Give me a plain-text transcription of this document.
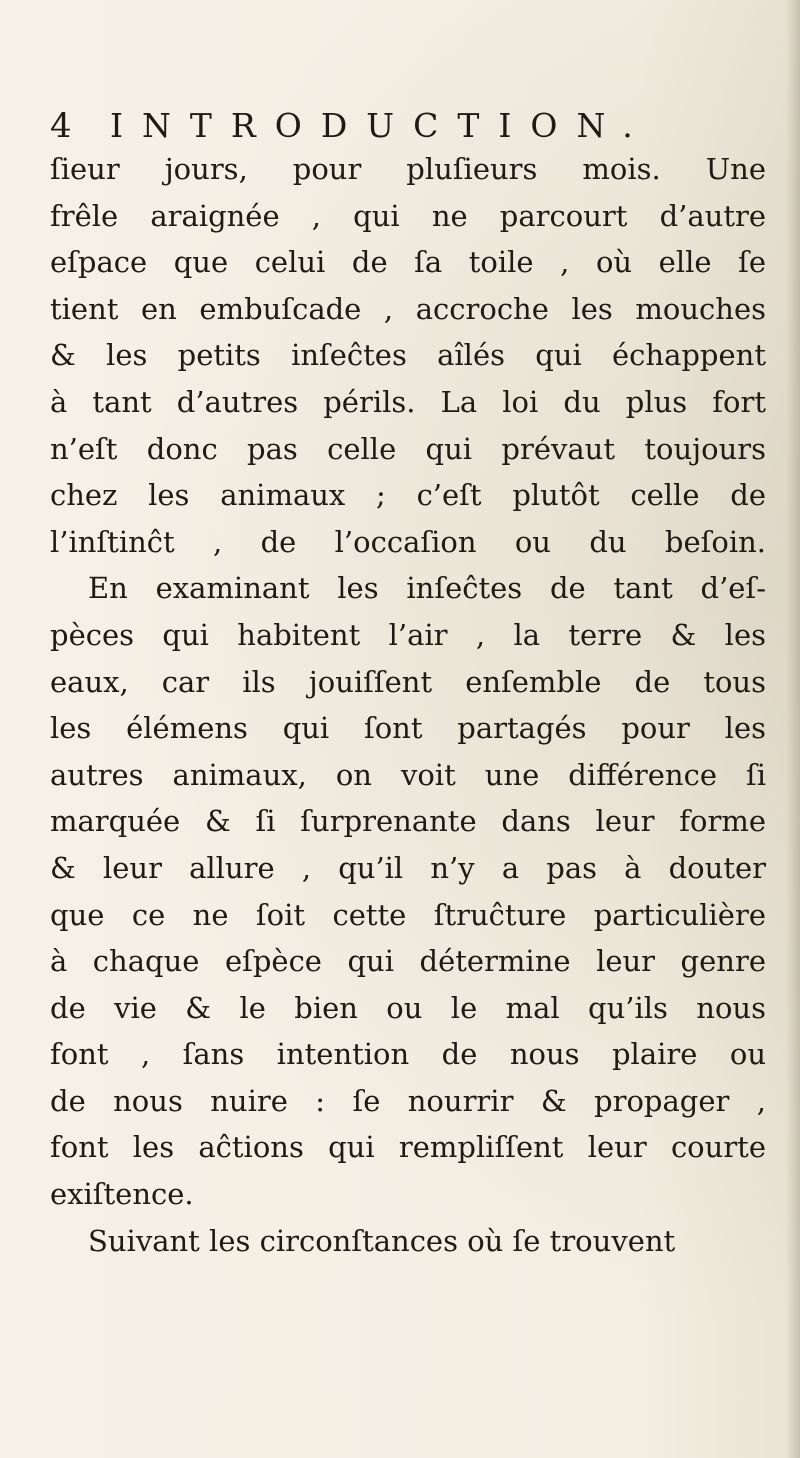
4 INTRODUCTION.
ſieur jours, pour pluſieurs mois. Une
frêle araignée , qui ne parcourt d’autre
eſpace que celui de ſa toile , où elle ſe
tient en embuſcade , accroche les mouches
& les petits inſeĉtes aîlés qui échappent
à tant d’autres périls. La loi du plus fort
n’eſt donc pas celle qui prévaut toujours
chez les animaux ; c’eſt plutôt celle de
l’inſtinĉt , de l’occaſion ou du beſoin.
En examinant les inſeĉtes de tant d’eſ-
pèces qui habitent l’air , la terre & les
eaux, car ils jouiſſent enſemble de tous
les élémens qui ſont partagés pour les
autres animaux, on voit une différence ſi
marquée & ſi ſurprenante dans leur forme
& leur allure , qu’il n’y a pas à douter
que ce ne ſoit cette ſtruĉture particulière
à chaque eſpèce qui détermine leur genre
de vie & le bien ou le mal qu’ils nous
font , ſans intention de nous plaire ou
de nous nuire : ſe nourrir & propager ,
font les aĉtions qui rempliſſent leur courte
exiſtence.
Suivant les circonſtances où ſe trouvent
